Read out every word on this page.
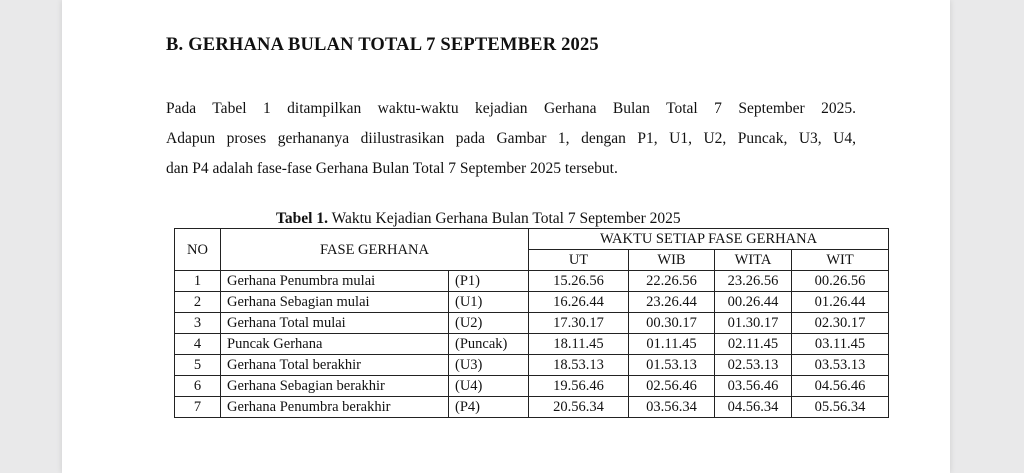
B. GERHANA BULAN TOTAL 7 SEPTEMBER 2025
Pada Tabel 1 ditampilkan waktu-waktu kejadian Gerhana Bulan Total 7 September 2025.
Adapun proses gerhananya diilustrasikan pada Gambar 1, dengan P1, U1, U2, Puncak, U3, U4,
dan P4 adalah fase-fase Gerhana Bulan Total 7 September 2025 tersebut.
Tabel 1. Waktu Kejadian Gerhana Bulan Total 7 September 2025
NO	FASE GERHANA		WAKTU SETIAP FASE GERHANA			
			UT	WIB	WITA	WIT
1	Gerhana Penumbra mulai	(P1)	15.26.56	22.26.56	23.26.56	00.26.56
2	Gerhana Sebagian mulai	(U1)	16.26.44	23.26.44	00.26.44	01.26.44
3	Gerhana Total mulai	(U2)	17.30.17	00.30.17	01.30.17	02.30.17
4	Puncak Gerhana	(Puncak)	18.11.45	01.11.45	02.11.45	03.11.45
5	Gerhana Total berakhir	(U3)	18.53.13	01.53.13	02.53.13	03.53.13
6	Gerhana Sebagian berakhir	(U4)	19.56.46	02.56.46	03.56.46	04.56.46
7	Gerhana Penumbra berakhir	(P4)	20.56.34	03.56.34	04.56.34	05.56.34
